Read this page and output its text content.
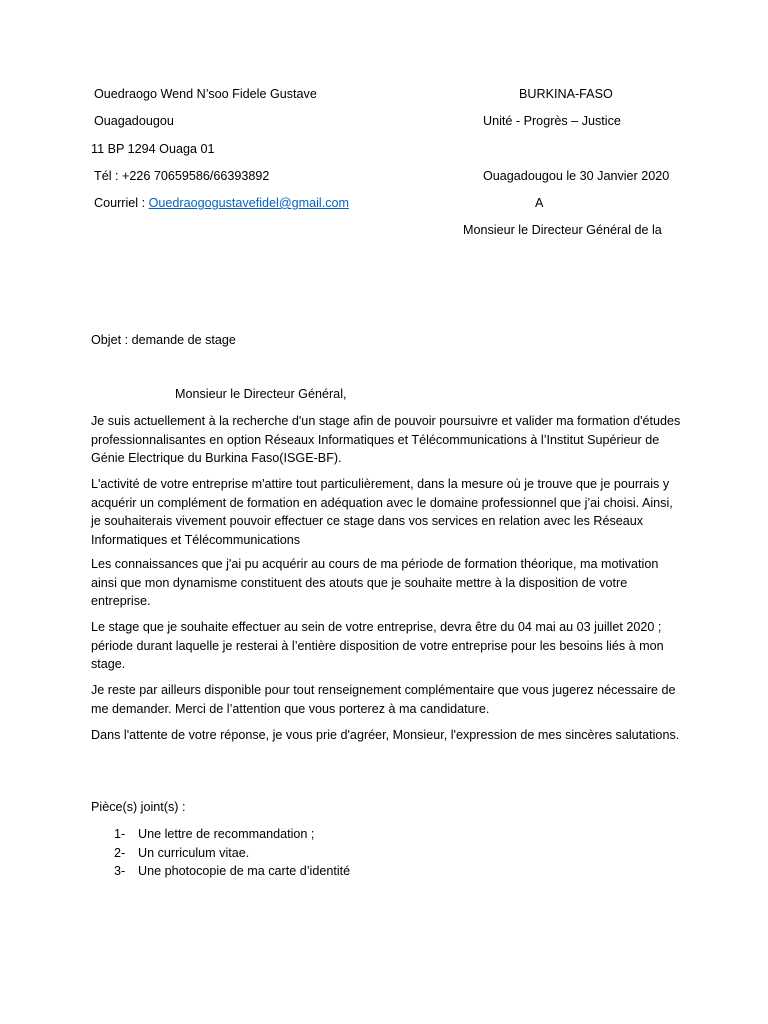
Ouedraogo Wend N’soo Fidele Gustave
Ouagadougou
11 BP 1294 Ouaga 01
Tél : +226 70659586/66393892
Courriel : Ouedraogogustavefidel@gmail.com
BURKINA-FASO
Unité - Progrès – Justice
Ouagadougou le 30 Janvier 2020
A
Monsieur le Directeur Général de la
Objet : demande de stage
Monsieur le Directeur Général,
Je suis actuellement à la recherche d'un stage afin de pouvoir poursuivre et valider ma formation d'études professionnalisantes en option Réseaux Informatiques et Télécommunications à l’Institut Supérieur de Génie Electrique du Burkina Faso(ISGE-BF).
L'activité de votre entreprise m'attire tout particulièrement, dans la mesure où je trouve que je pourrais y acquérir un complément de formation en adéquation avec le domaine professionnel que j’ai choisi. Ainsi, je souhaiterais vivement pouvoir effectuer ce stage dans vos services en relation avec les Réseaux Informatiques et Télécommunications
Les connaissances que j'ai pu acquérir au cours de ma période de formation théorique, ma motivation ainsi que mon dynamisme constituent des atouts que je souhaite mettre à la disposition de votre entreprise.
Le stage que je souhaite effectuer au sein de votre entreprise, devra être du 04 mai au 03 juillet 2020 ; période durant laquelle je resterai à l’entière disposition de votre entreprise pour les besoins liés à mon stage.
Je reste par ailleurs disponible pour tout renseignement complémentaire que vous jugerez nécessaire de me demander. Merci de l’attention que vous porterez à ma candidature.
Dans l'attente de votre réponse, je vous prie d'agréer, Monsieur, l'expression de mes sincères salutations.
Pièce(s) joint(s) :
1- Une lettre de recommandation ;
2- Un curriculum vitae.
3- Une photocopie de ma carte d’identité
